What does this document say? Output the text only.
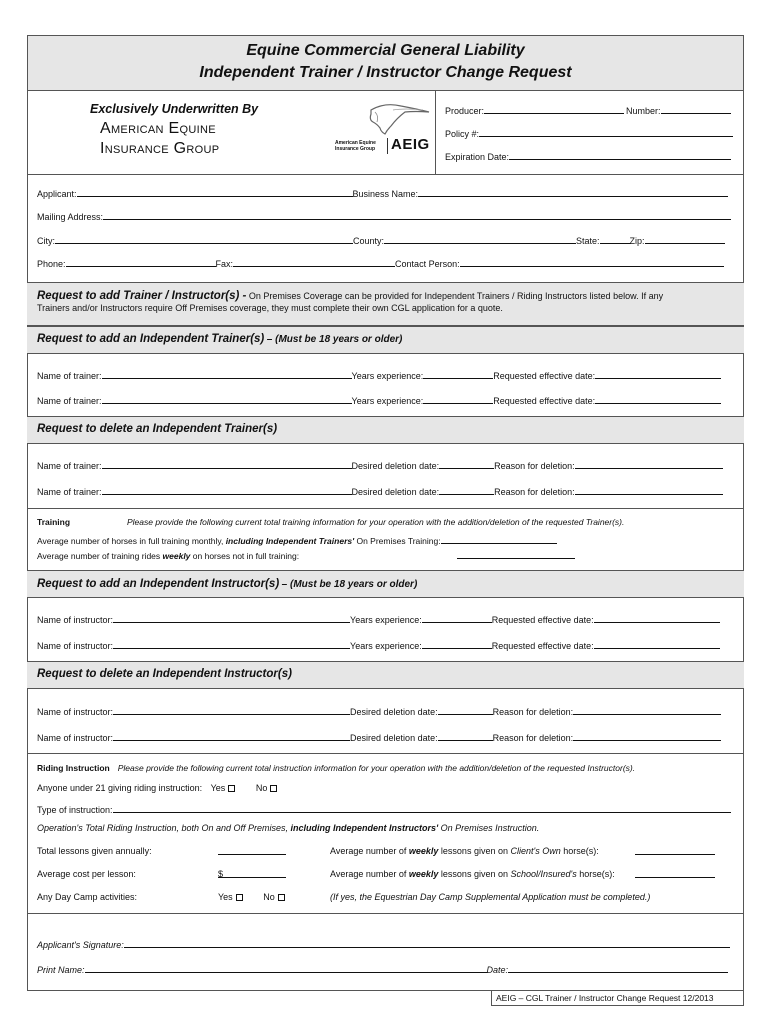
Equine Commercial General Liability
Independent Trainer / Instructor Change Request
Exclusively Underwritten By
American Equine
Insurance Group	American Equine
Insurance Group AEIG
Producer:	Number:
Policy #:
Expiration Date:
Applicant:	Business Name:
Mailing Address:
City:	County:	State:	Zip:
Phone:	Fax:	Contact Person:
Request to add Trainer / Instructor(s) - On Premises Coverage can be provided for Independent Trainers / Riding Instructors listed below. If any
Trainers and/or Instructors require Off Premises coverage, they must complete their own CGL application for a quote.
Request to add an Independent Trainer(s) – (Must be 18 years or older)
Name of trainer:	Years experience:	Requested effective date:
Name of trainer:	Years experience:	Requested effective date:
Request to delete an Independent Trainer(s)
Name of trainer:	Desired deletion date:	Reason for deletion:
Name of trainer:	Desired deletion date:	Reason for deletion:
Training	Please provide the following current total training information for your operation with the addition/deletion of the requested Trainer(s).
Average number of horses in full training monthly, including Independent Trainers' On Premises Training:
Average number of training rides weekly on horses not in full training:
Request to add an Independent Instructor(s) – (Must be 18 years or older)
Name of instructor:	Years experience:	Requested effective date:
Name of instructor:	Years experience:	Requested effective date:
Request to delete an Independent Instructor(s)
Name of instructor:	Desired deletion date:	Reason for deletion:
Name of instructor:	Desired deletion date:	Reason for deletion:
Riding Instruction Please provide the following current total instruction information for your operation with the addition/deletion of the requested Instructor(s).
Anyone under 21 giving riding instruction: Yes	No
Type of instruction:
Operation's Total Riding Instruction, both On and Off Premises, including Independent Instructors' On Premises Instruction.
Total lessons given annually:	Average number of weekly lessons given on Client's Own horse(s):
Average cost per lesson:	$	Average number of weekly lessons given on School/Insured's horse(s):
Any Day Camp activities:	Yes	No	(If yes, the Equestrian Day Camp Supplemental Application must be completed.)
Applicant's Signature:
Print Name:	Date:
AEIG – CGL Trainer / Instructor Change Request 12/2013
